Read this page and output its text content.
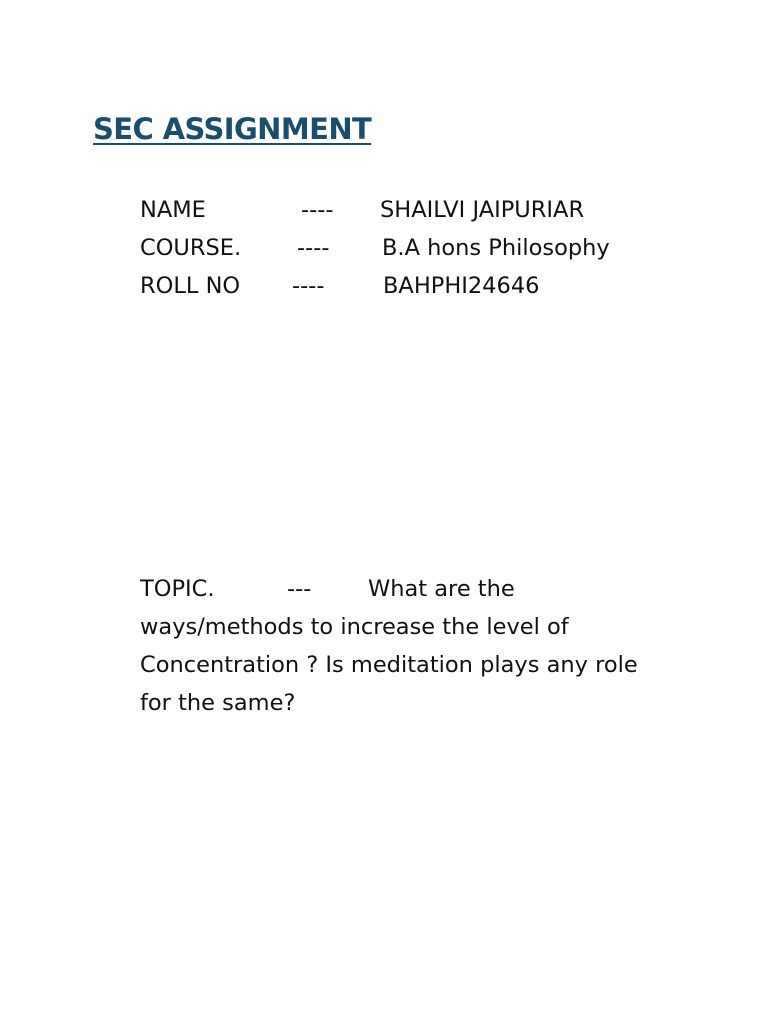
SEC ASSIGNMENT
NAME	---- SHAILVI JAIPURIAR
COURSE. ---- B.A hons Philosophy
ROLL NO ----	BAHPHI24646
TOPIC.	---	What are the
ways/methods to increase the level of
Concentration ? Is meditation plays any role
for the same?
